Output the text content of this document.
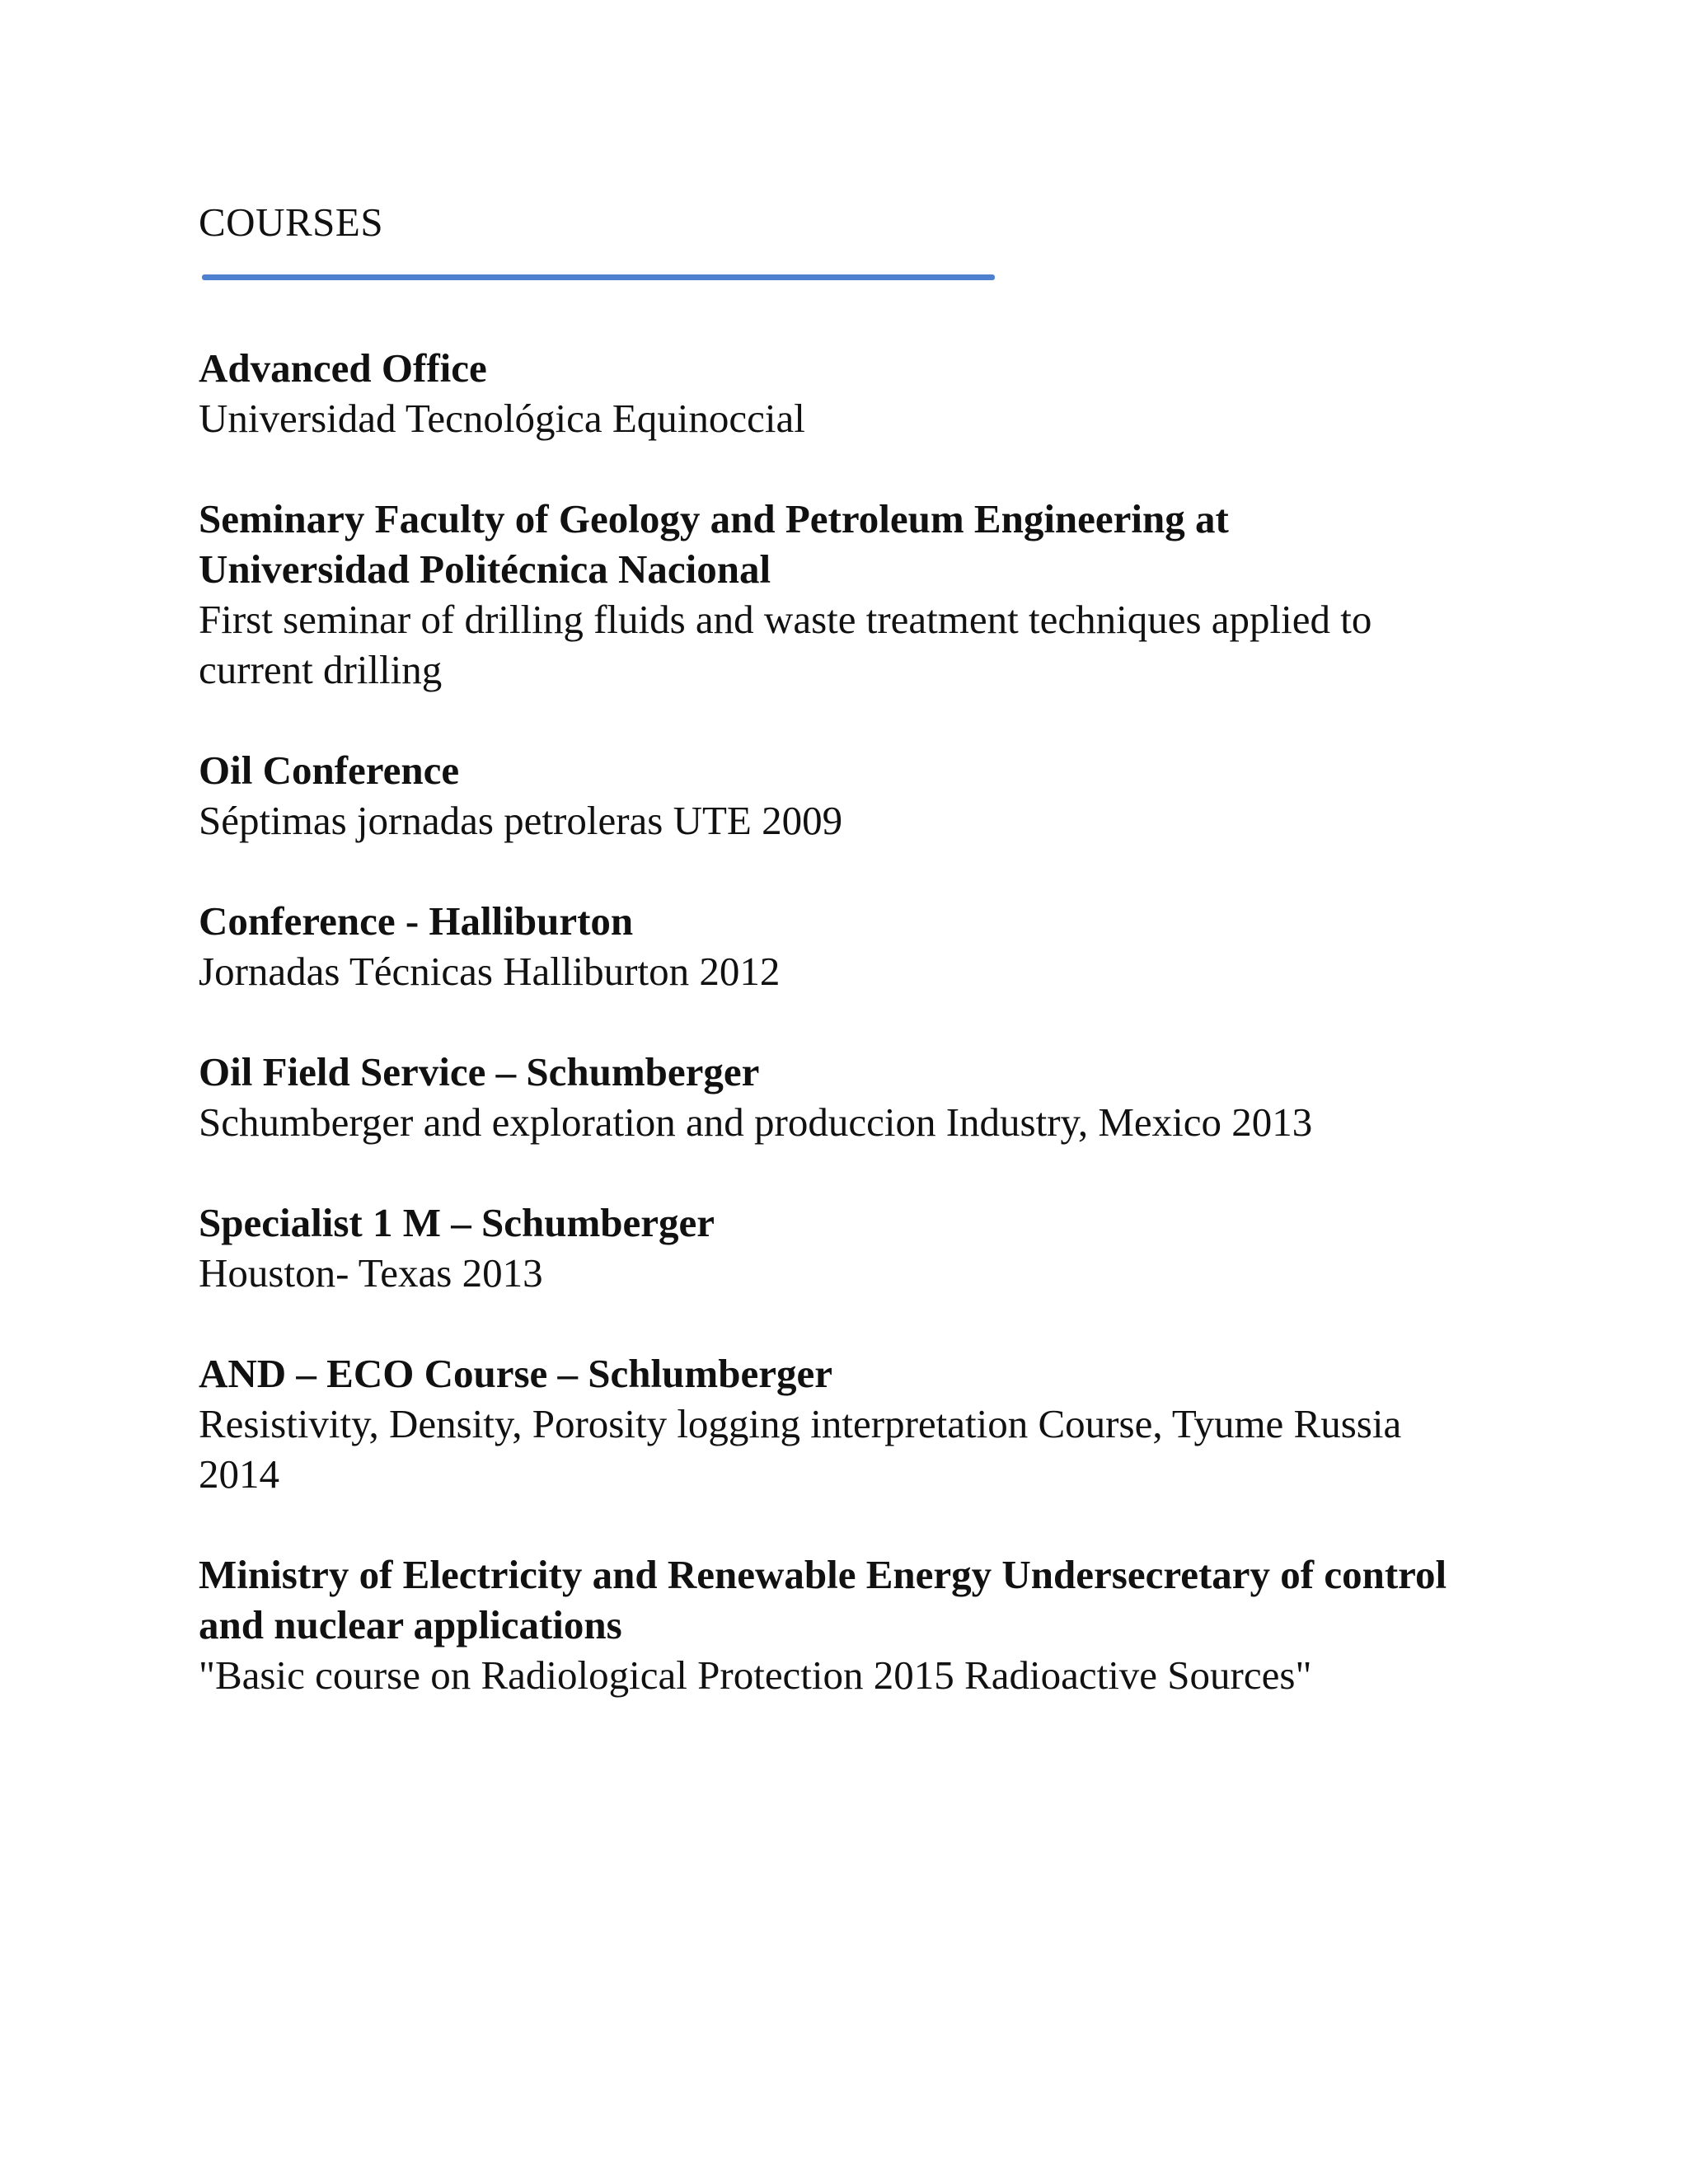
COURSES

Advanced Office

Universidad Tecnológica Equinoccial

Seminary Faculty of Geology and Petroleum Engineering at Universidad Politécnica Nacional

First seminar of drilling fluids and waste treatment techniques applied to current drilling

Oil Conference

Séptimas jornadas petroleras UTE 2009

Conference - Halliburton

Jornadas Técnicas Halliburton 2012

Oil Field Service – Schumberger

Schumberger and exploration and produccion Industry, Mexico 2013

Specialist 1 M – Schumberger

Houston- Texas 2013

AND – ECO Course – Schlumberger

Resistivity, Density, Porosity logging interpretation Course, Tyume Russia 2014

Ministry of Electricity and Renewable Energy Undersecretary of control and nuclear applications

"Basic course on Radiological Protection 2015 Radioactive Sources"
